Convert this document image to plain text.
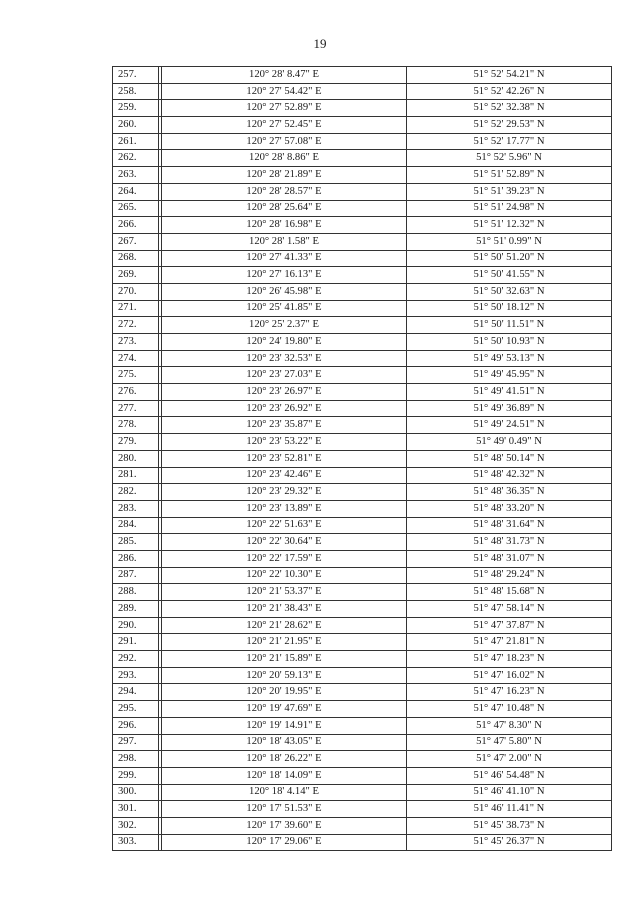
19
257.		120° 28' 8.47" E	51° 52' 54.21" N
258.		120° 27' 54.42" E	51° 52' 42.26" N
259.		120° 27' 52.89" E	51° 52' 32.38" N
260.		120° 27' 52.45" E	51° 52' 29.53" N
261.		120° 27' 57.08" E	51° 52' 17.77" N
262.		120° 28' 8.86" E	51° 52' 5.96" N
263.		120° 28' 21.89" E	51° 51' 52.89" N
264.		120° 28' 28.57" E	51° 51' 39.23" N
265.		120° 28' 25.64" E	51° 51' 24.98" N
266.		120° 28' 16.98" E	51° 51' 12.32" N
267.		120° 28' 1.58" E	51° 51' 0.99" N
268.		120° 27' 41.33" E	51° 50' 51.20" N
269.		120° 27' 16.13" E	51° 50' 41.55" N
270.		120° 26' 45.98" E	51° 50' 32.63" N
271.		120° 25' 41.85" E	51° 50' 18.12" N
272.		120° 25' 2.37" E	51° 50' 11.51" N
273.		120° 24' 19.80" E	51° 50' 10.93" N
274.		120° 23' 32.53" E	51° 49' 53.13" N
275.		120° 23' 27.03" E	51° 49' 45.95" N
276.		120° 23' 26.97" E	51° 49' 41.51" N
277.		120° 23' 26.92" E	51° 49' 36.89" N
278.		120° 23' 35.87" E	51° 49' 24.51" N
279.		120° 23' 53.22" E	51° 49' 0.49" N
280.		120° 23' 52.81" E	51° 48' 50.14" N
281.		120° 23' 42.46" E	51° 48' 42.32" N
282.		120° 23' 29.32" E	51° 48' 36.35" N
283.		120° 23' 13.89" E	51° 48' 33.20" N
284.		120° 22' 51.63" E	51° 48' 31.64" N
285.		120° 22' 30.64" E	51° 48' 31.73" N
286.		120° 22' 17.59" E	51° 48' 31.07" N
287.		120° 22' 10.30" E	51° 48' 29.24" N
288.		120° 21' 53.37" E	51° 48' 15.68" N
289.		120° 21' 38.43" E	51° 47' 58.14" N
290.		120° 21' 28.62" E	51° 47' 37.87" N
291.		120° 21' 21.95" E	51° 47' 21.81" N
292.		120° 21' 15.89" E	51° 47' 18.23" N
293.		120° 20' 59.13" E	51° 47' 16.02" N
294.		120° 20' 19.95" E	51° 47' 16.23" N
295.		120° 19' 47.69" E	51° 47' 10.48" N
296.		120° 19' 14.91" E	51° 47' 8.30" N
297.		120° 18' 43.05" E	51° 47' 5.80" N
298.		120° 18' 26.22" E	51° 47' 2.00" N
299.		120° 18' 14.09" E	51° 46' 54.48" N
300.		120° 18' 4.14" E	51° 46' 41.10" N
301.		120° 17' 51.53" E	51° 46' 11.41" N
302.		120° 17' 39.60" E	51° 45' 38.73" N
303.		120° 17' 29.06" E	51° 45' 26.37" N
